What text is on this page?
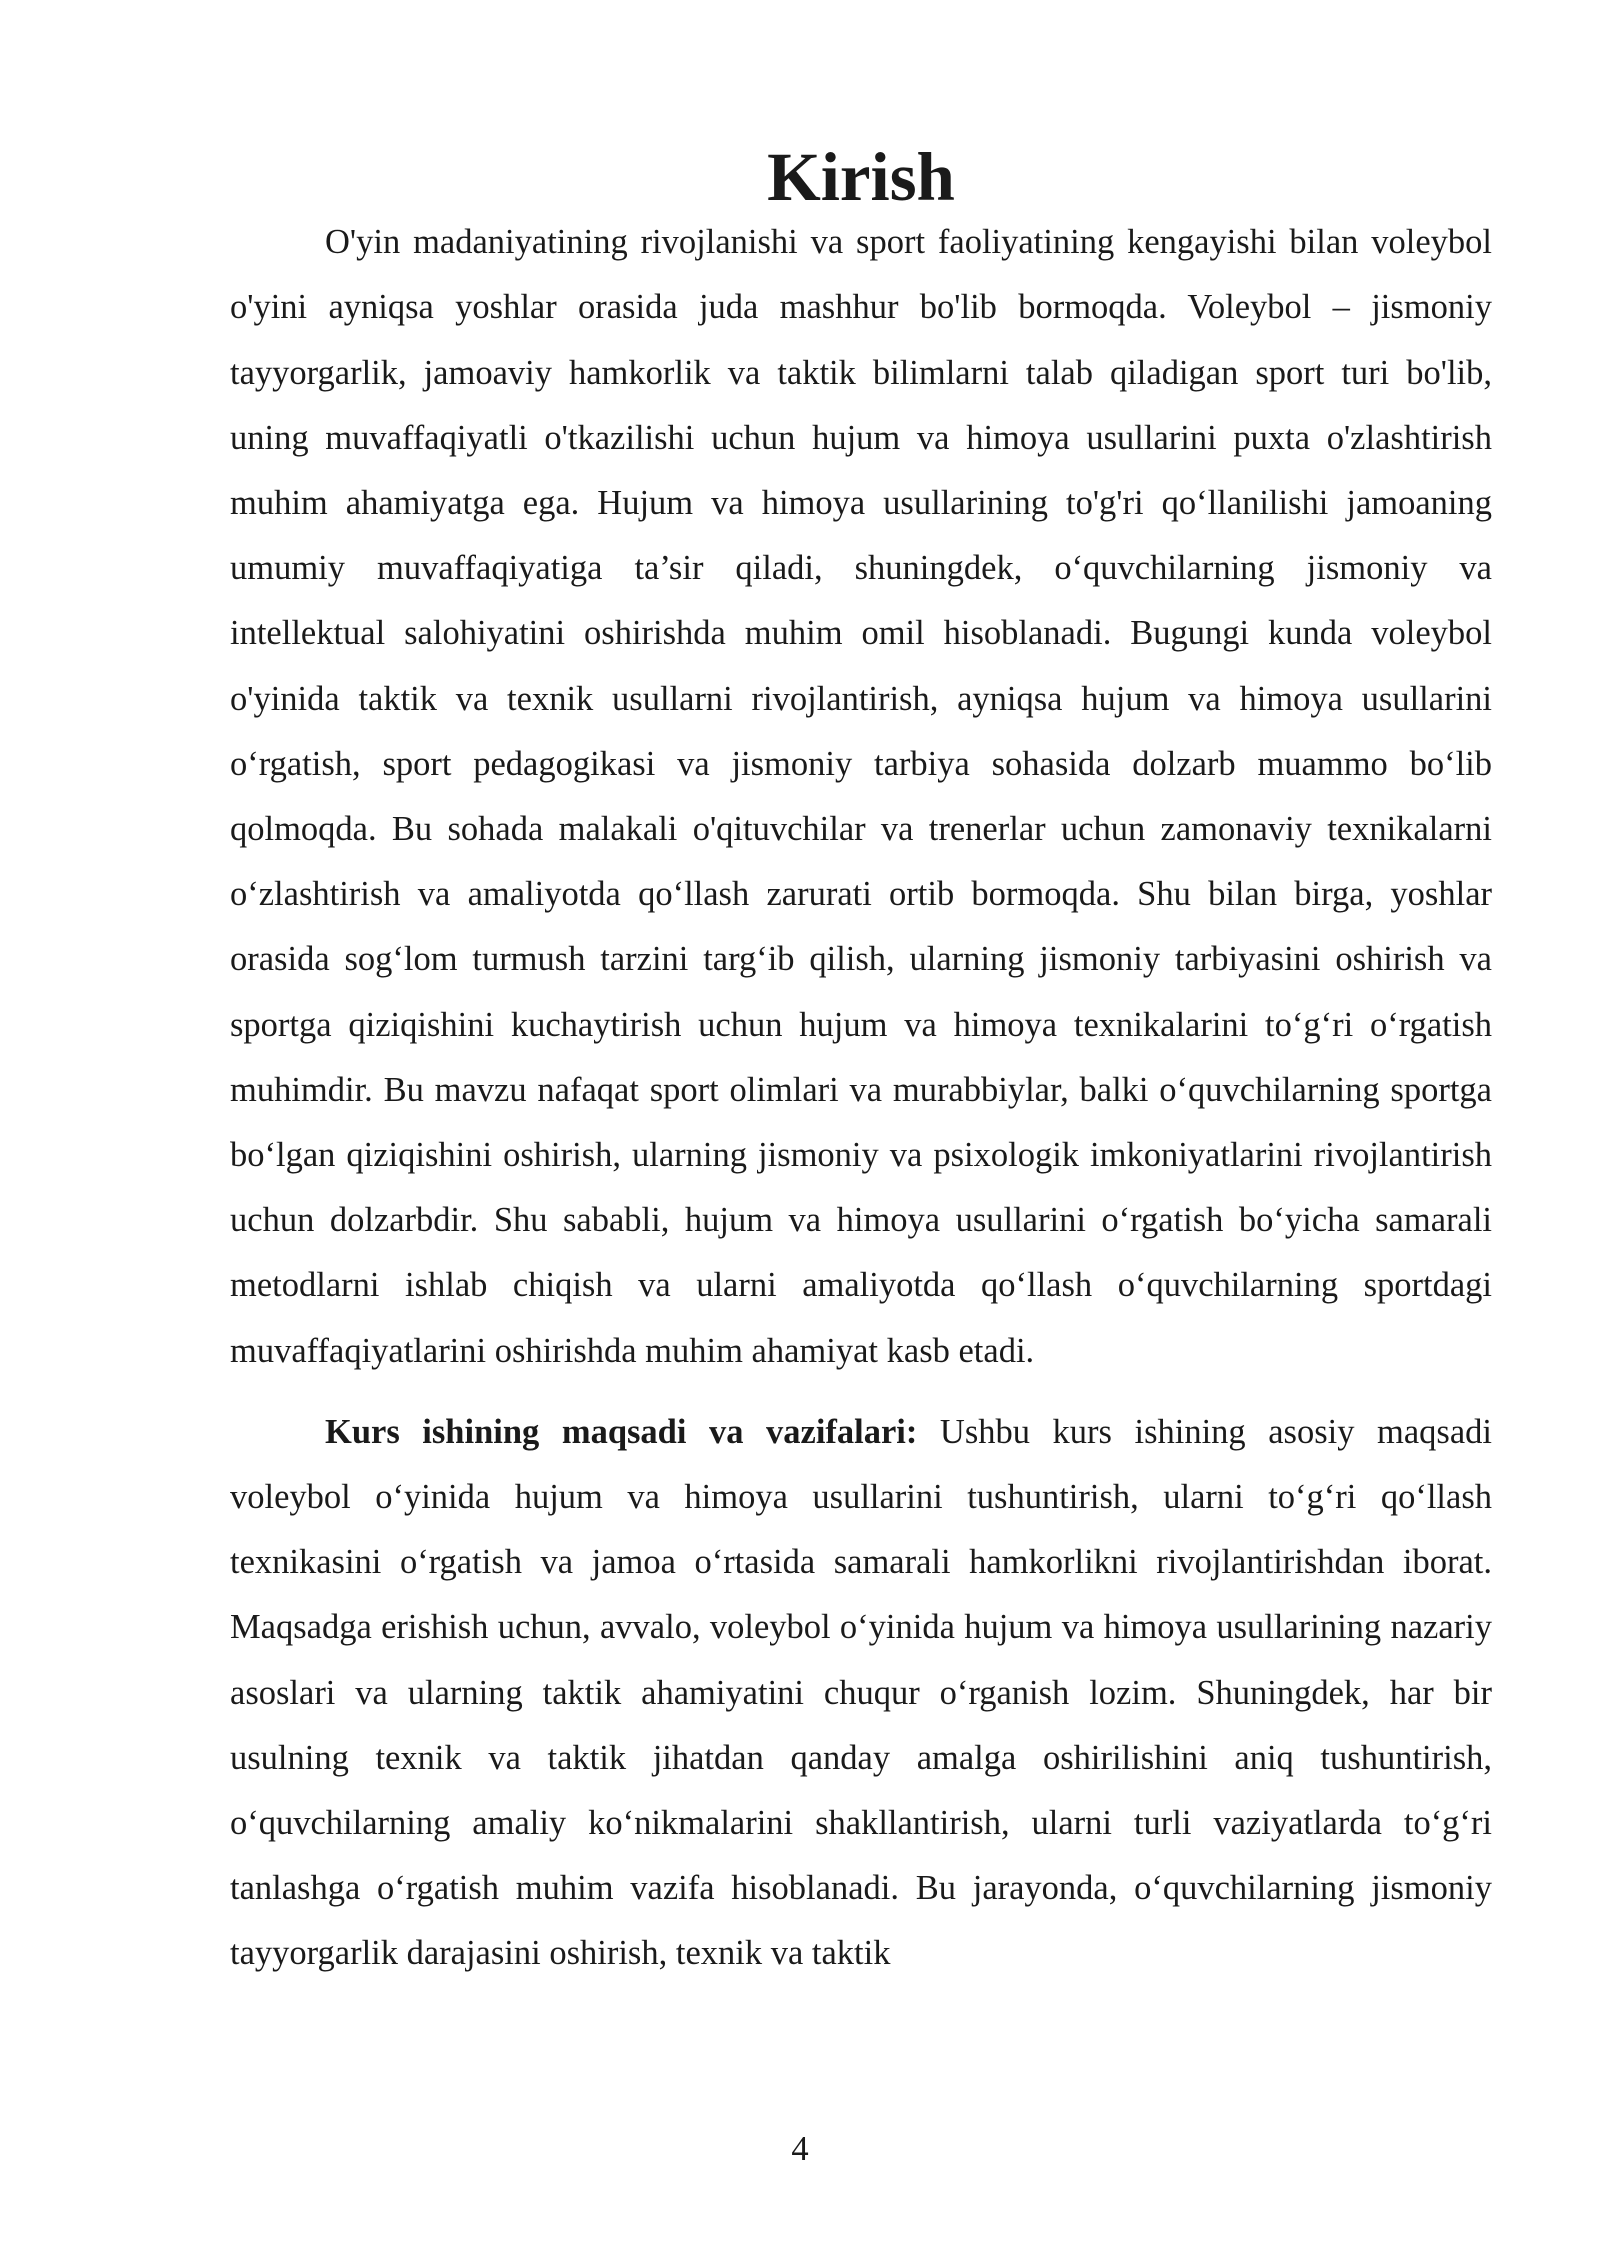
Kirish

O'yin madaniyatining rivojlanishi va sport faoliyatining kengayishi bilan voleybol o'yini ayniqsa yoshlar orasida juda mashhur bo'lib bormoqda. Voleybol – jismoniy tayyorgarlik, jamoaviy hamkorlik va taktik bilimlarni talab qiladigan sport turi bo'lib, uning muvaffaqiyatli o'tkazilishi uchun hujum va himoya usullarini puxta o'zlashtirish muhim ahamiyatga ega. Hujum va himoya usullarining to'g'ri qo‘llanilishi jamoaning umumiy muvaffaqiyatiga ta’sir qiladi, shuningdek, o‘quvchilarning jismoniy va intellektual salohiyatini oshirishda muhim omil hisoblanadi. Bugungi kunda voleybol o'yinida taktik va texnik usullarni rivojlantirish, ayniqsa hujum va himoya usullarini o‘rgatish, sport pedagogikasi va jismoniy tarbiya sohasida dolzarb muammo bo‘lib qolmoqda. Bu sohada malakali o'qituvchilar va trenerlar uchun zamonaviy texnikalarni o‘zlashtirish va amaliyotda qo‘llash zarurati ortib bormoqda. Shu bilan birga, yoshlar orasida sog‘lom turmush tarzini targ‘ib qilish, ularning jismoniy tarbiyasini oshirish va sportga qiziqishini kuchaytirish uchun hujum va himoya texnikalarini to‘g‘ri o‘rgatish muhimdir. Bu mavzu nafaqat sport olimlari va murabbiylar, balki o‘quvchilarning sportga bo‘lgan qiziqishini oshirish, ularning jismoniy va psixologik imkoniyatlarini rivojlantirish uchun dolzarbdir. Shu sababli, hujum va himoya usullarini o‘rgatish bo‘yicha samarali metodlarni ishlab chiqish va ularni amaliyotda qo‘llash o‘quvchilarning sportdagi muvaffaqiyatlarini oshirishda muhim ahamiyat kasb etadi.

Kurs ishining maqsadi va vazifalari: Ushbu kurs ishining asosiy maqsadi voleybol o‘yinida hujum va himoya usullarini tushuntirish, ularni to‘g‘ri qo‘llash texnikasini o‘rgatish va jamoa o‘rtasida samarali hamkorlikni rivojlantirishdan iborat. Maqsadga erishish uchun, avvalo, voleybol o‘yinida hujum va himoya usullarining nazariy asoslari va ularning taktik ahamiyatini chuqur o‘rganish lozim. Shuningdek, har bir usulning texnik va taktik jihatdan qanday amalga oshirilishini aniq tushuntirish, o‘quvchilarning amaliy ko‘nikmalarini shakllantirish, ularni turli vaziyatlarda to‘g‘ri tanlashga o‘rgatish muhim vazifa hisoblanadi. Bu jarayonda, o‘quvchilarning jismoniy tayyorgarlik darajasini oshirish, texnik va taktik

4
